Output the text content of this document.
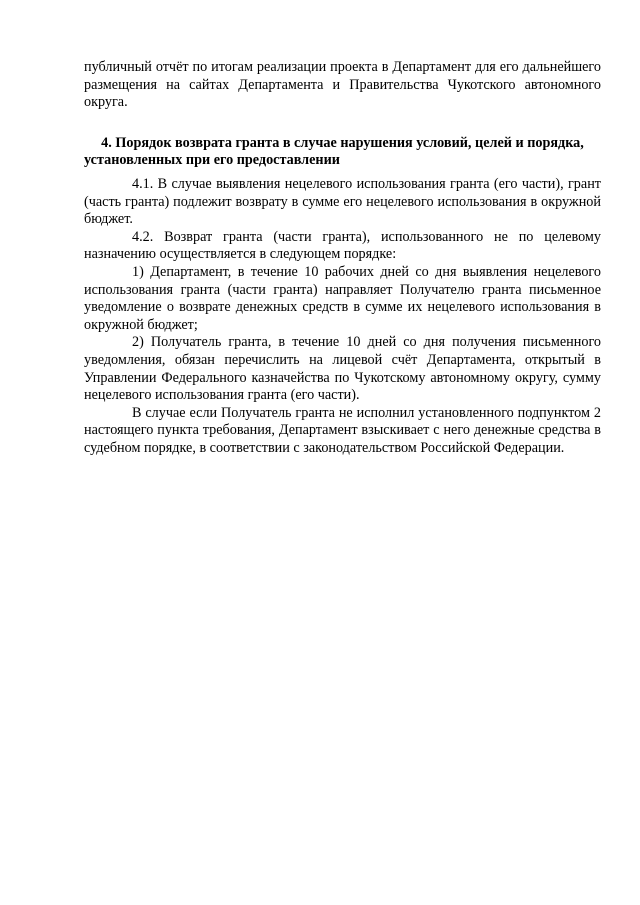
публичный отчёт по итогам реализации проекта в Департамент для его дальнейшего размещения на сайтах Департамента и Правительства Чукотского автономного округа.

4. Порядок возврата гранта в случае нарушения условий, целей и порядка, установленных при его предоставлении

4.1. В случае выявления нецелевого использования гранта (его части), грант (часть гранта) подлежит возврату в сумме его нецелевого использования в окружной бюджет.

4.2. Возврат гранта (части гранта), использованного не по целевому назначению осуществляется в следующем порядке:

1) Департамент, в течение 10 рабочих дней со дня выявления нецелевого использования гранта (части гранта) направляет Получателю гранта письменное уведомление о возврате денежных средств в сумме их нецелевого использования в окружной бюджет;

2) Получатель гранта, в течение 10 дней со дня получения письменного уведомления, обязан перечислить на лицевой счёт Департамента, открытый в Управлении Федерального казначейства по Чукотскому автономному округу, сумму нецелевого использования гранта (его части).

В случае если Получатель гранта не исполнил установленного подпунктом 2 настоящего пункта требования, Департамент взыскивает с него денежные средства в судебном порядке, в соответствии с законодательством Российской Федерации.
